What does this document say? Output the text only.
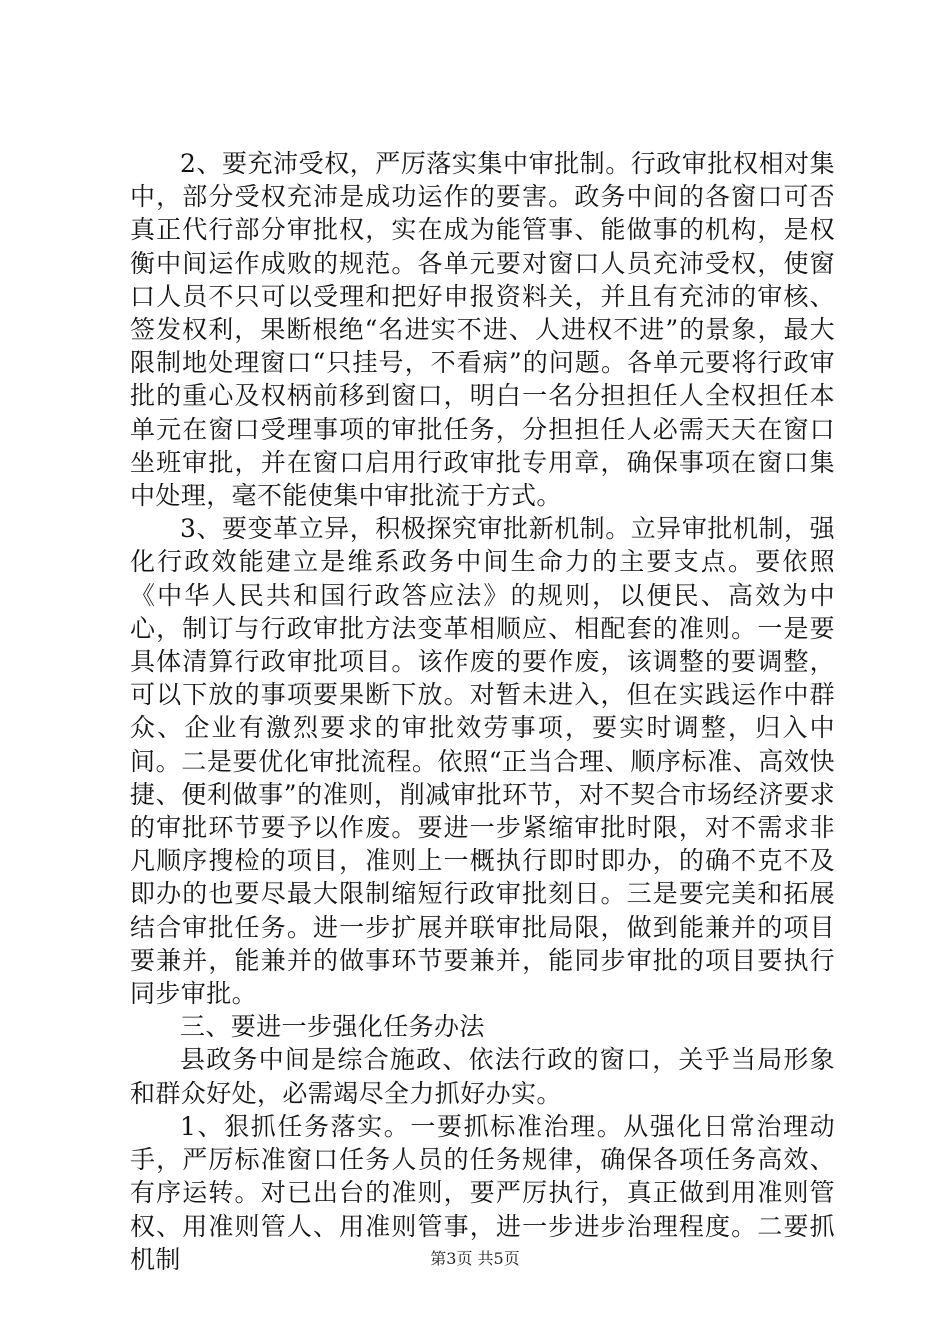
2、要充沛受权，严厉落实集中审批制。行政审批权相对集中，部分受权充沛是成功运作的要害。政务中间的各窗口可否真正代行部分审批权，实在成为能管事、能做事的机构，是权衡中间运作成败的规范。各单元要对窗口人员充沛受权，使窗口人员不只可以受理和把好申报资料关，并且有充沛的审核、签发权利，果断根绝“名进实不进、人进权不进”的景象，最大限制地处理窗口“只挂号，不看病”的问题。各单元要将行政审批的重心及权柄前移到窗口，明白一名分担担任人全权担任本单元在窗口受理事项的审批任务，分担担任人必需天天在窗口坐班审批，并在窗口启用行政审批专用章，确保事项在窗口集中处理，毫不能使集中审批流于方式。

3、要变革立异，积极探究审批新机制。立异审批机制，强化行政效能建立是维系政务中间生命力的主要支点。要依照《中华人民共和国行政答应法》的规则，以便民、高效为中心，制订与行政审批方法变革相顺应、相配套的准则。一是要具体清算行政审批项目。该作废的要作废，该调整的要调整，可以下放的事项要果断下放。对暂未进入，但在实践运作中群众、企业有激烈要求的审批效劳事项，要实时调整，归入中间。二是要优化审批流程。依照“正当合理、顺序标准、高效快捷、便利做事”的准则，削减审批环节，对不契合市场经济要求的审批环节要予以作废。要进一步紧缩审批时限，对不需求非凡顺序搜检的项目，准则上一概执行即时即办，的确不克不及即办的也要尽最大限制缩短行政审批刻日。三是要完美和拓展结合审批任务。进一步扩展并联审批局限，做到能兼并的项目要兼并，能兼并的做事环节要兼并，能同步审批的项目要执行同步审批。

三、要进一步强化任务办法

县政务中间是综合施政、依法行政的窗口，关乎当局形象和群众好处，必需竭尽全力抓好办实。

1、狠抓任务落实。一要抓标准治理。从强化日常治理动手，严厉标准窗口任务人员的任务规律，确保各项任务高效、有序运转。对已出台的准则，要严厉执行，真正做到用准则管权、用准则管人、用准则管事，进一步进步治理程度。二要抓机制	第3页 共5页
